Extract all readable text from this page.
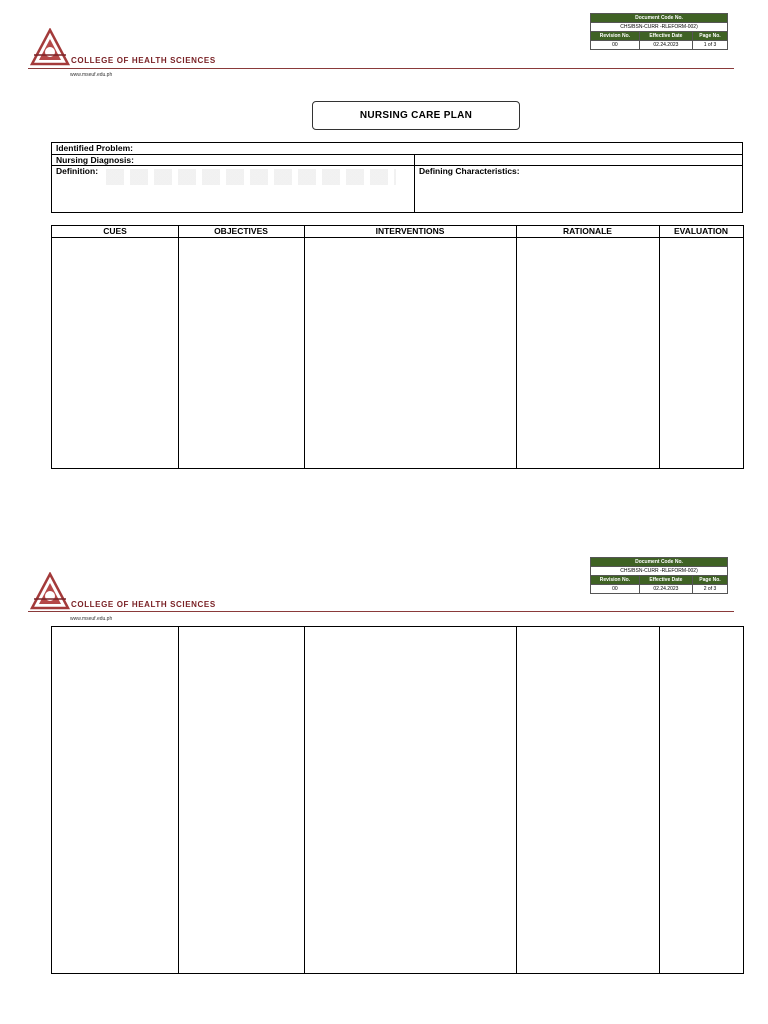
COLLEGE OF HEALTH SCIENCES
www.mseuf.edu.ph
Document Code No.		
CHS/BSN-CURR -RLEFORM-002)		
Revision No.	Effective Date	Page No.
00	02.24.2023	1 of 3
NURSING CARE PLAN
Identified Problem:
Nursing Diagnosis:
Definition:	Defining Characteristics:
CUES	OBJECTIVES	INTERVENTIONS	RATIONALE	EVALUATION
COLLEGE OF HEALTH SCIENCES
www.mseuf.edu.ph
Document Code No.		
CHS/BSN-CURR -RLEFORM-002)		
Revision No.	Effective Date	Page No.
00	02.24.2023	2 of 3
